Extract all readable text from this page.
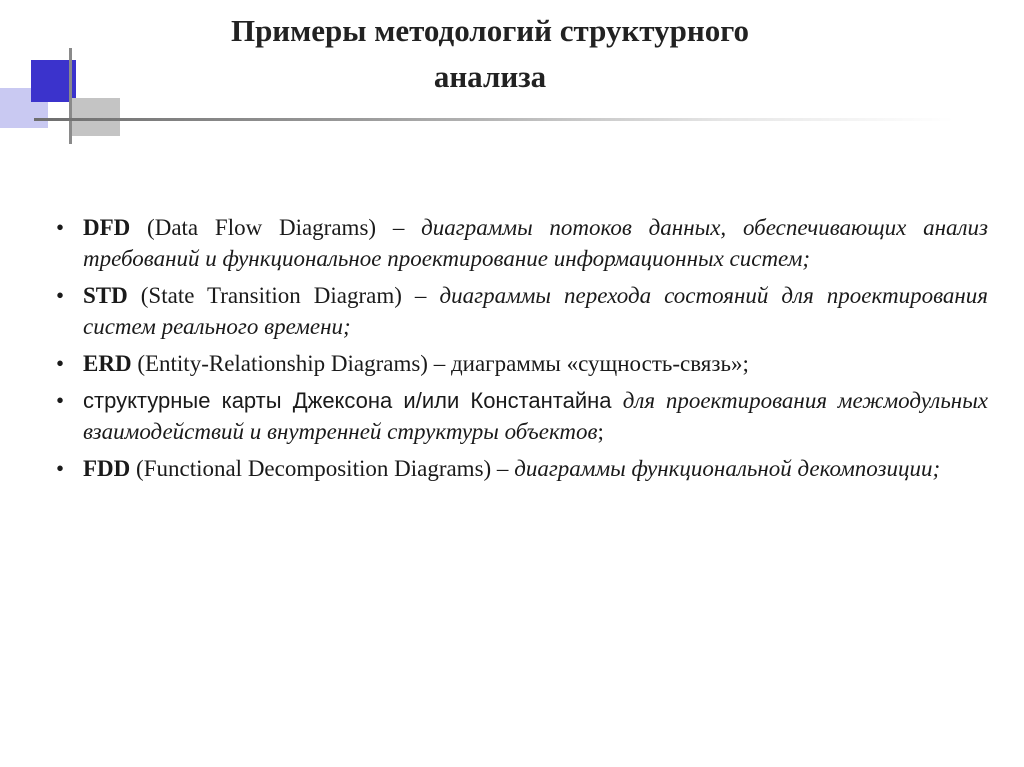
Примеры методологий структурного
анализа
• DFD (Data Flow Diagrams) – диаграммы потоков данных, обеспечивающих анализ требований и функциональное проектирование информационных систем;
• STD (State Transition Diagram) – диаграммы перехода состояний для проектирования систем реального времени;
• ERD (Entity-Relationship Diagrams) – диаграммы «сущность-связь»;
• структурные карты Джексона и/или Константайна для проектирования межмодульных взаимодействий и внутренней структуры объектов;
• FDD (Functional Decomposition Diagrams) – диаграммы функциональной декомпозиции;
